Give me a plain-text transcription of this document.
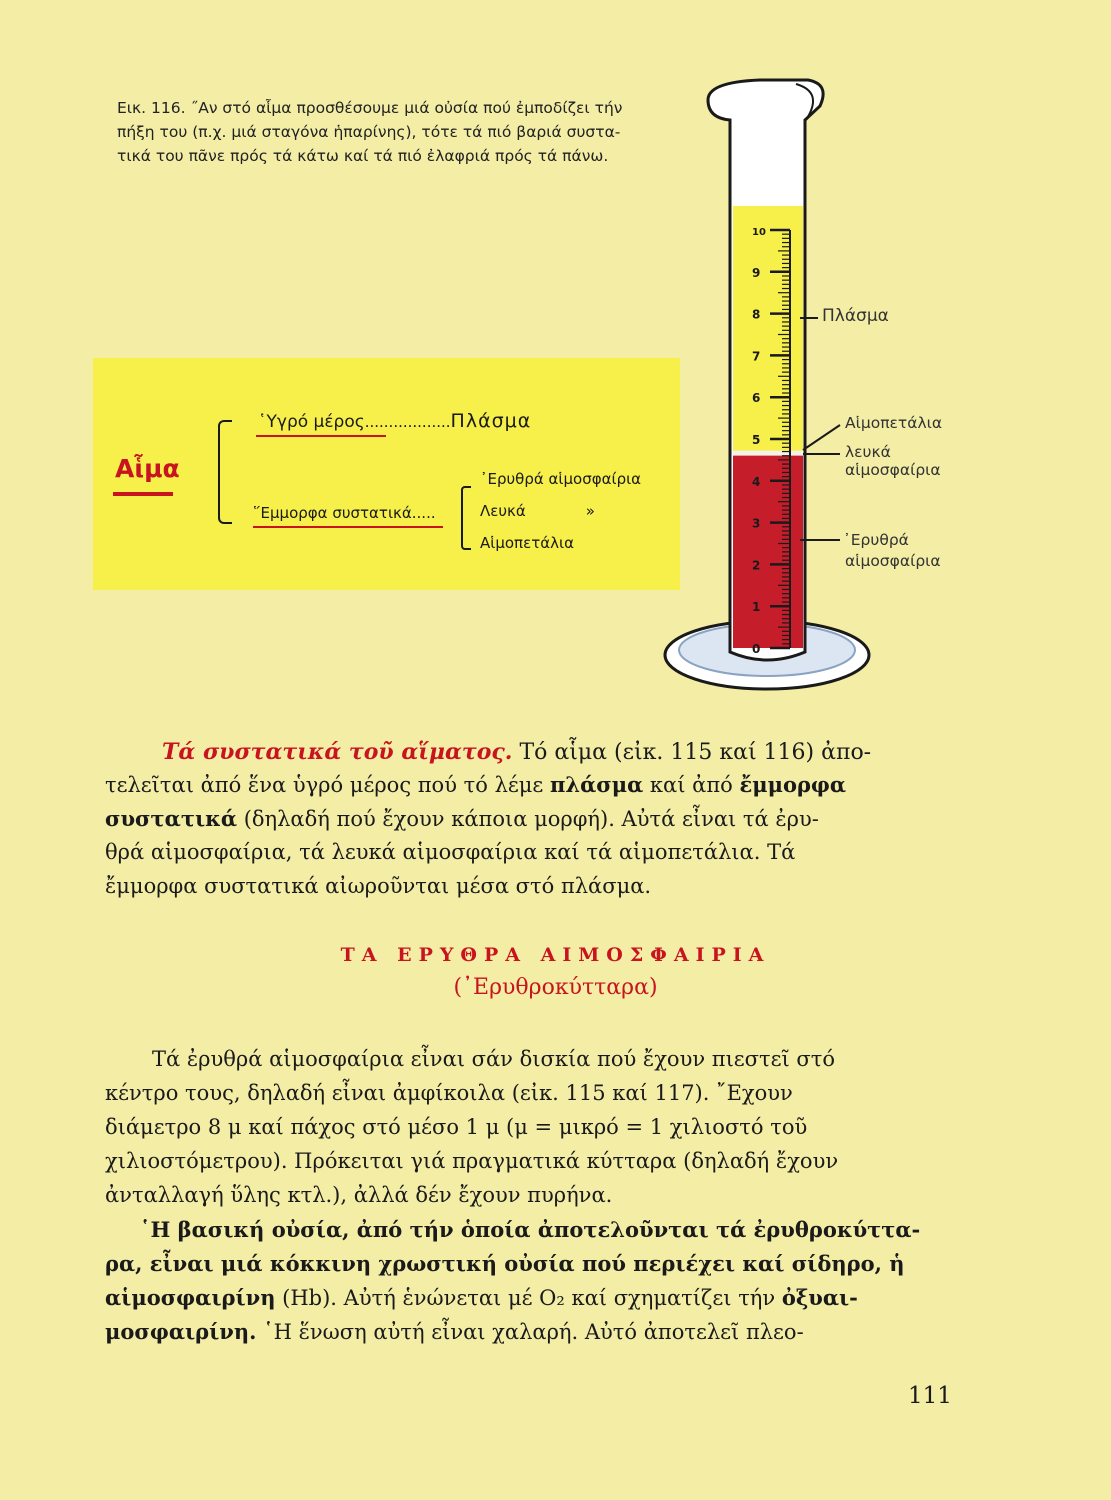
Εικ. 116. ˝Αν στό αἷμα προσθέσουμε μιά οὐσία πού ἐμποδίζει τήν
πήξη του (π.χ. μιά σταγόνα ἡπαρίνης), τότε τά πιό βαριά συστα-
τικά του πᾶνε πρός τά κάτω καί τά πιό ἐλαφριά πρός τά πάνω.
Αἷμα
῾Υγρό μέρος..................Πλάσμα
῞Εμμορφα συστατικά.....
᾿Ερυθρά αἱμοσφαίρια
Λευκά	»
Αἱμοπετάλια
10
9
8
7
6
5
4
3
2
1
0
Πλάσμα
Αἱμοπετάλια
λευκά
αἱμοσφαίρια
᾿Ερυθρά
αἱμοσφαίρια
Τά συστατικά τοῦ αἵματος. Τό αἷμα (εἰκ. 115 καί 116) ἀπο-
τελεῖται ἀπό ἕνα ὑγρό μέρος πού τό λέμε πλάσμα καί ἀπό ἔμμορφα
συστατικά (δηλαδή πού ἔχουν κάποια μορφή). Αὐτά εἶναι τά ἐρυ-
θρά αἱμοσφαίρια, τά λευκά αἱμοσφαίρια καί τά αἱμοπετάλια. Τά
ἔμμορφα συστατικά αἰωροῦνται μέσα στό πλάσμα.
ΤΑ ΕΡΥΘΡΑ ΑΙΜΟΣΦΑΙΡΙΑ
(᾿Ερυθροκύτταρα)
Τά ἐρυθρά αἱμοσφαίρια εἶναι σάν δισκία πού ἔχουν πιεστεῖ στό
κέντρο τους, δηλαδή εἶναι ἀμφίκοιλα (εἰκ. 115 καί 117). ῎Εχουν
διάμετρο 8 μ καί πάχος στό μέσο 1 μ (μ = μικρό = 1 χιλιοστό τοῦ
χιλιοστόμετρου). Πρόκειται γιά πραγματικά κύτταρα (δηλαδή ἔχουν
ἀνταλλαγή ὕλης κτλ.), ἀλλά δέν ἔχουν πυρήνα.
῾Η βασική οὐσία, ἀπό τήν ὁποία ἀποτελοῦνται τά ἐρυθροκύττα-
ρα, εἶναι μιά κόκκινη χρωστική οὐσία πού περιέχει καί σίδηρο, ἡ
αἱμοσφαιρίνη (Hb). Αὐτή ἑνώνεται μέ O₂ καί σχηματίζει τήν ὀξυαι-
μοσφαιρίνη. ῾Η ἕνωση αὐτή εἶναι χαλαρή. Αὐτό ἀποτελεῖ πλεο-
111
